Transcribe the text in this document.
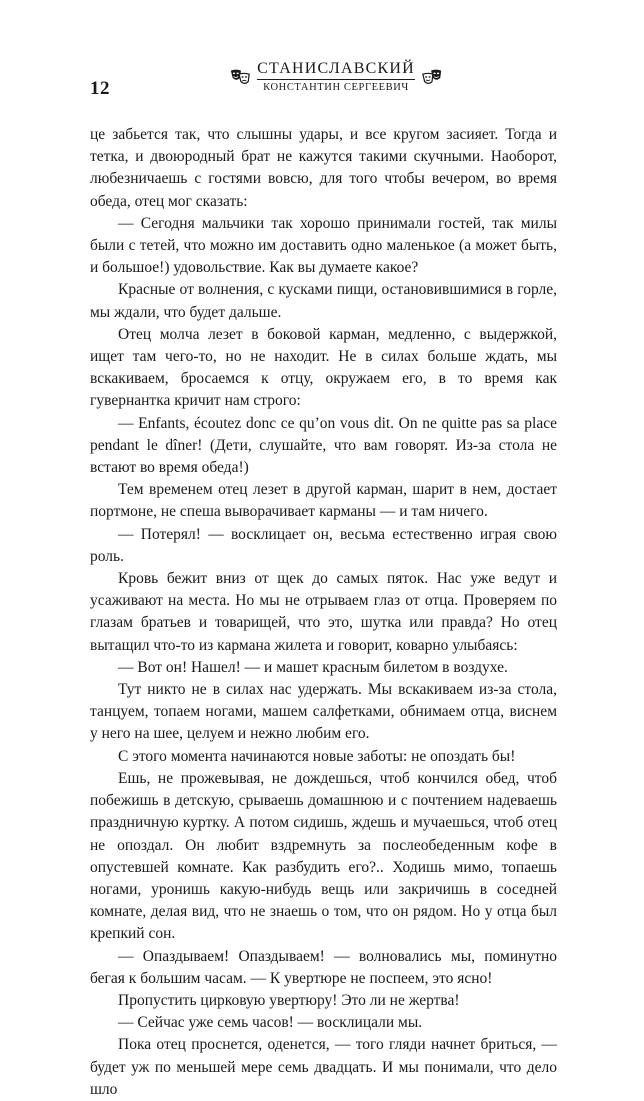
12
СТАНИСЛАВСКИЙ
КОНСТАНТИН СЕРГЕЕВИЧ

це забьется так, что слышны удары, и все кругом засияет. Тогда и тетка, и двоюродный брат не кажутся такими скучными. Наоборот, любезничаешь с гостями вовсю, для того чтобы вечером, во время обеда, отец мог сказать:

— Сегодня мальчики так хорошо принимали гостей, так милы были с тетей, что можно им доставить одно маленькое (а может быть, и большое!) удовольствие. Как вы думаете какое?

Красные от волнения, с кусками пищи, остановившимися в горле, мы ждали, что будет дальше.

Отец молча лезет в боковой карман, медленно, с выдержкой, ищет там чего-то, но не находит. Не в силах больше ждать, мы вскакиваем, бросаемся к отцу, окружаем его, в то время как гувернантка кричит нам строго:

— Enfants, écoutez donc ce qu’on vous dit. On ne quitte pas sa place pendant le dîner! (Дети, слушайте, что вам говорят. Из-за стола не встают во время обеда!)

Тем временем отец лезет в другой карман, шарит в нем, достает портмоне, не спеша выворачивает карманы — и там ничего.

— Потерял! — восклицает он, весьма естественно играя свою роль.

Кровь бежит вниз от щек до самых пяток. Нас уже ведут и усаживают на места. Но мы не отрываем глаз от отца. Проверяем по глазам братьев и товарищей, что это, шутка или правда? Но отец вытащил что-то из кармана жилета и говорит, коварно улыбаясь:

— Вот он! Нашел! — и машет красным билетом в воздухе.

Тут никто не в силах нас удержать. Мы вскакиваем из-за стола, танцуем, топаем ногами, машем салфетками, обнимаем отца, виснем у него на шее, целуем и нежно любим его.

С этого момента начинаются новые заботы: не опоздать бы!

Ешь, не прожевывая, не дождешься, чтоб кончился обед, чтоб побежишь в детскую, срываешь домашнюю и с почтением надеваешь праздничную куртку. А потом сидишь, ждешь и мучаешься, чтоб отец не опоздал. Он любит вздремнуть за послеобеденным кофе в опустевшей комнате. Как разбудить его?.. Ходишь мимо, топаешь ногами, уронишь какую-нибудь вещь или закричишь в соседней комнате, делая вид, что не знаешь о том, что он рядом. Но у отца был крепкий сон.

— Опаздываем! Опаздываем! — волновались мы, поминутно бегая к большим часам. — К увертюре не поспеем, это ясно!

Пропустить цирковую увертюру! Это ли не жертва!

— Сейчас уже семь часов! — восклицали мы.

Пока отец проснется, оденется, — того гляди начнет бриться, — будет уж по меньшей мере семь двадцать. И мы понимали, что дело шло
